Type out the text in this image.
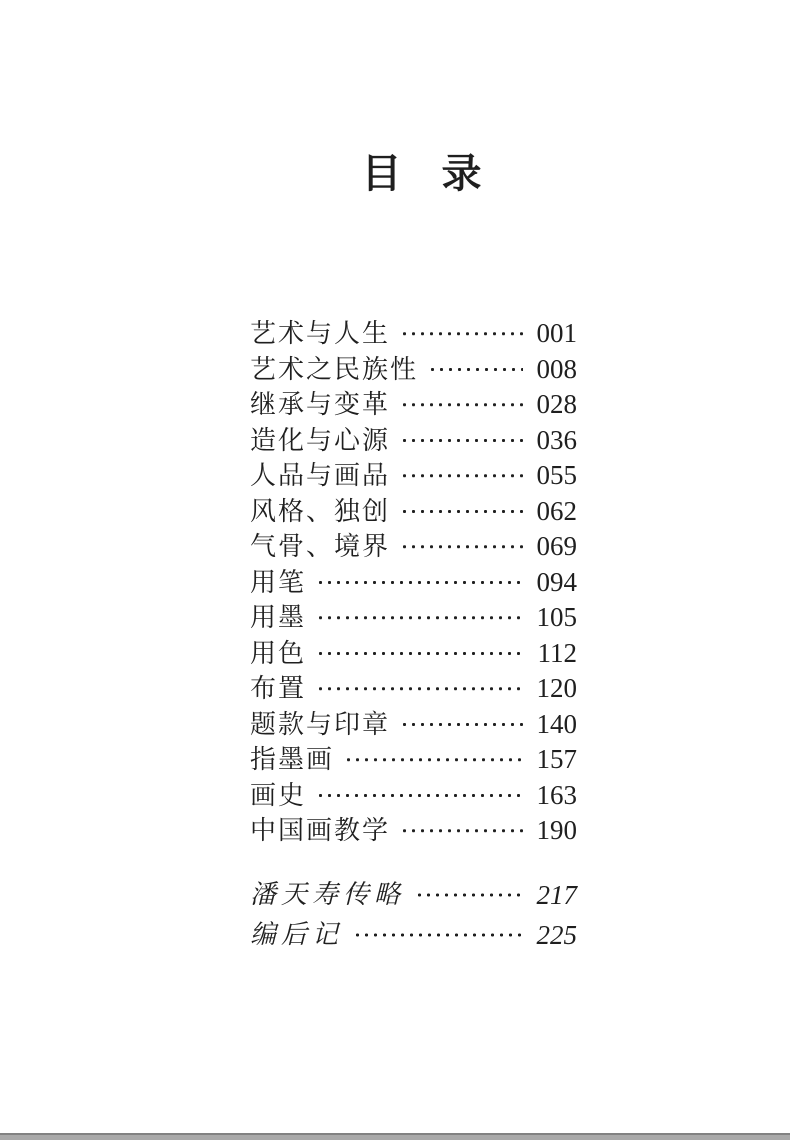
目　录
艺术与人生	001
艺术之民族性	008
继承与变革	028
造化与心源	036
人品与画品	055
风格、独创	062
气骨、境界	069
用笔	094
用墨	105
用色	112
布置	120
题款与印章	140
指墨画	157
画史	163
中国画教学	190
潘天寿传略	217
编后记	225
